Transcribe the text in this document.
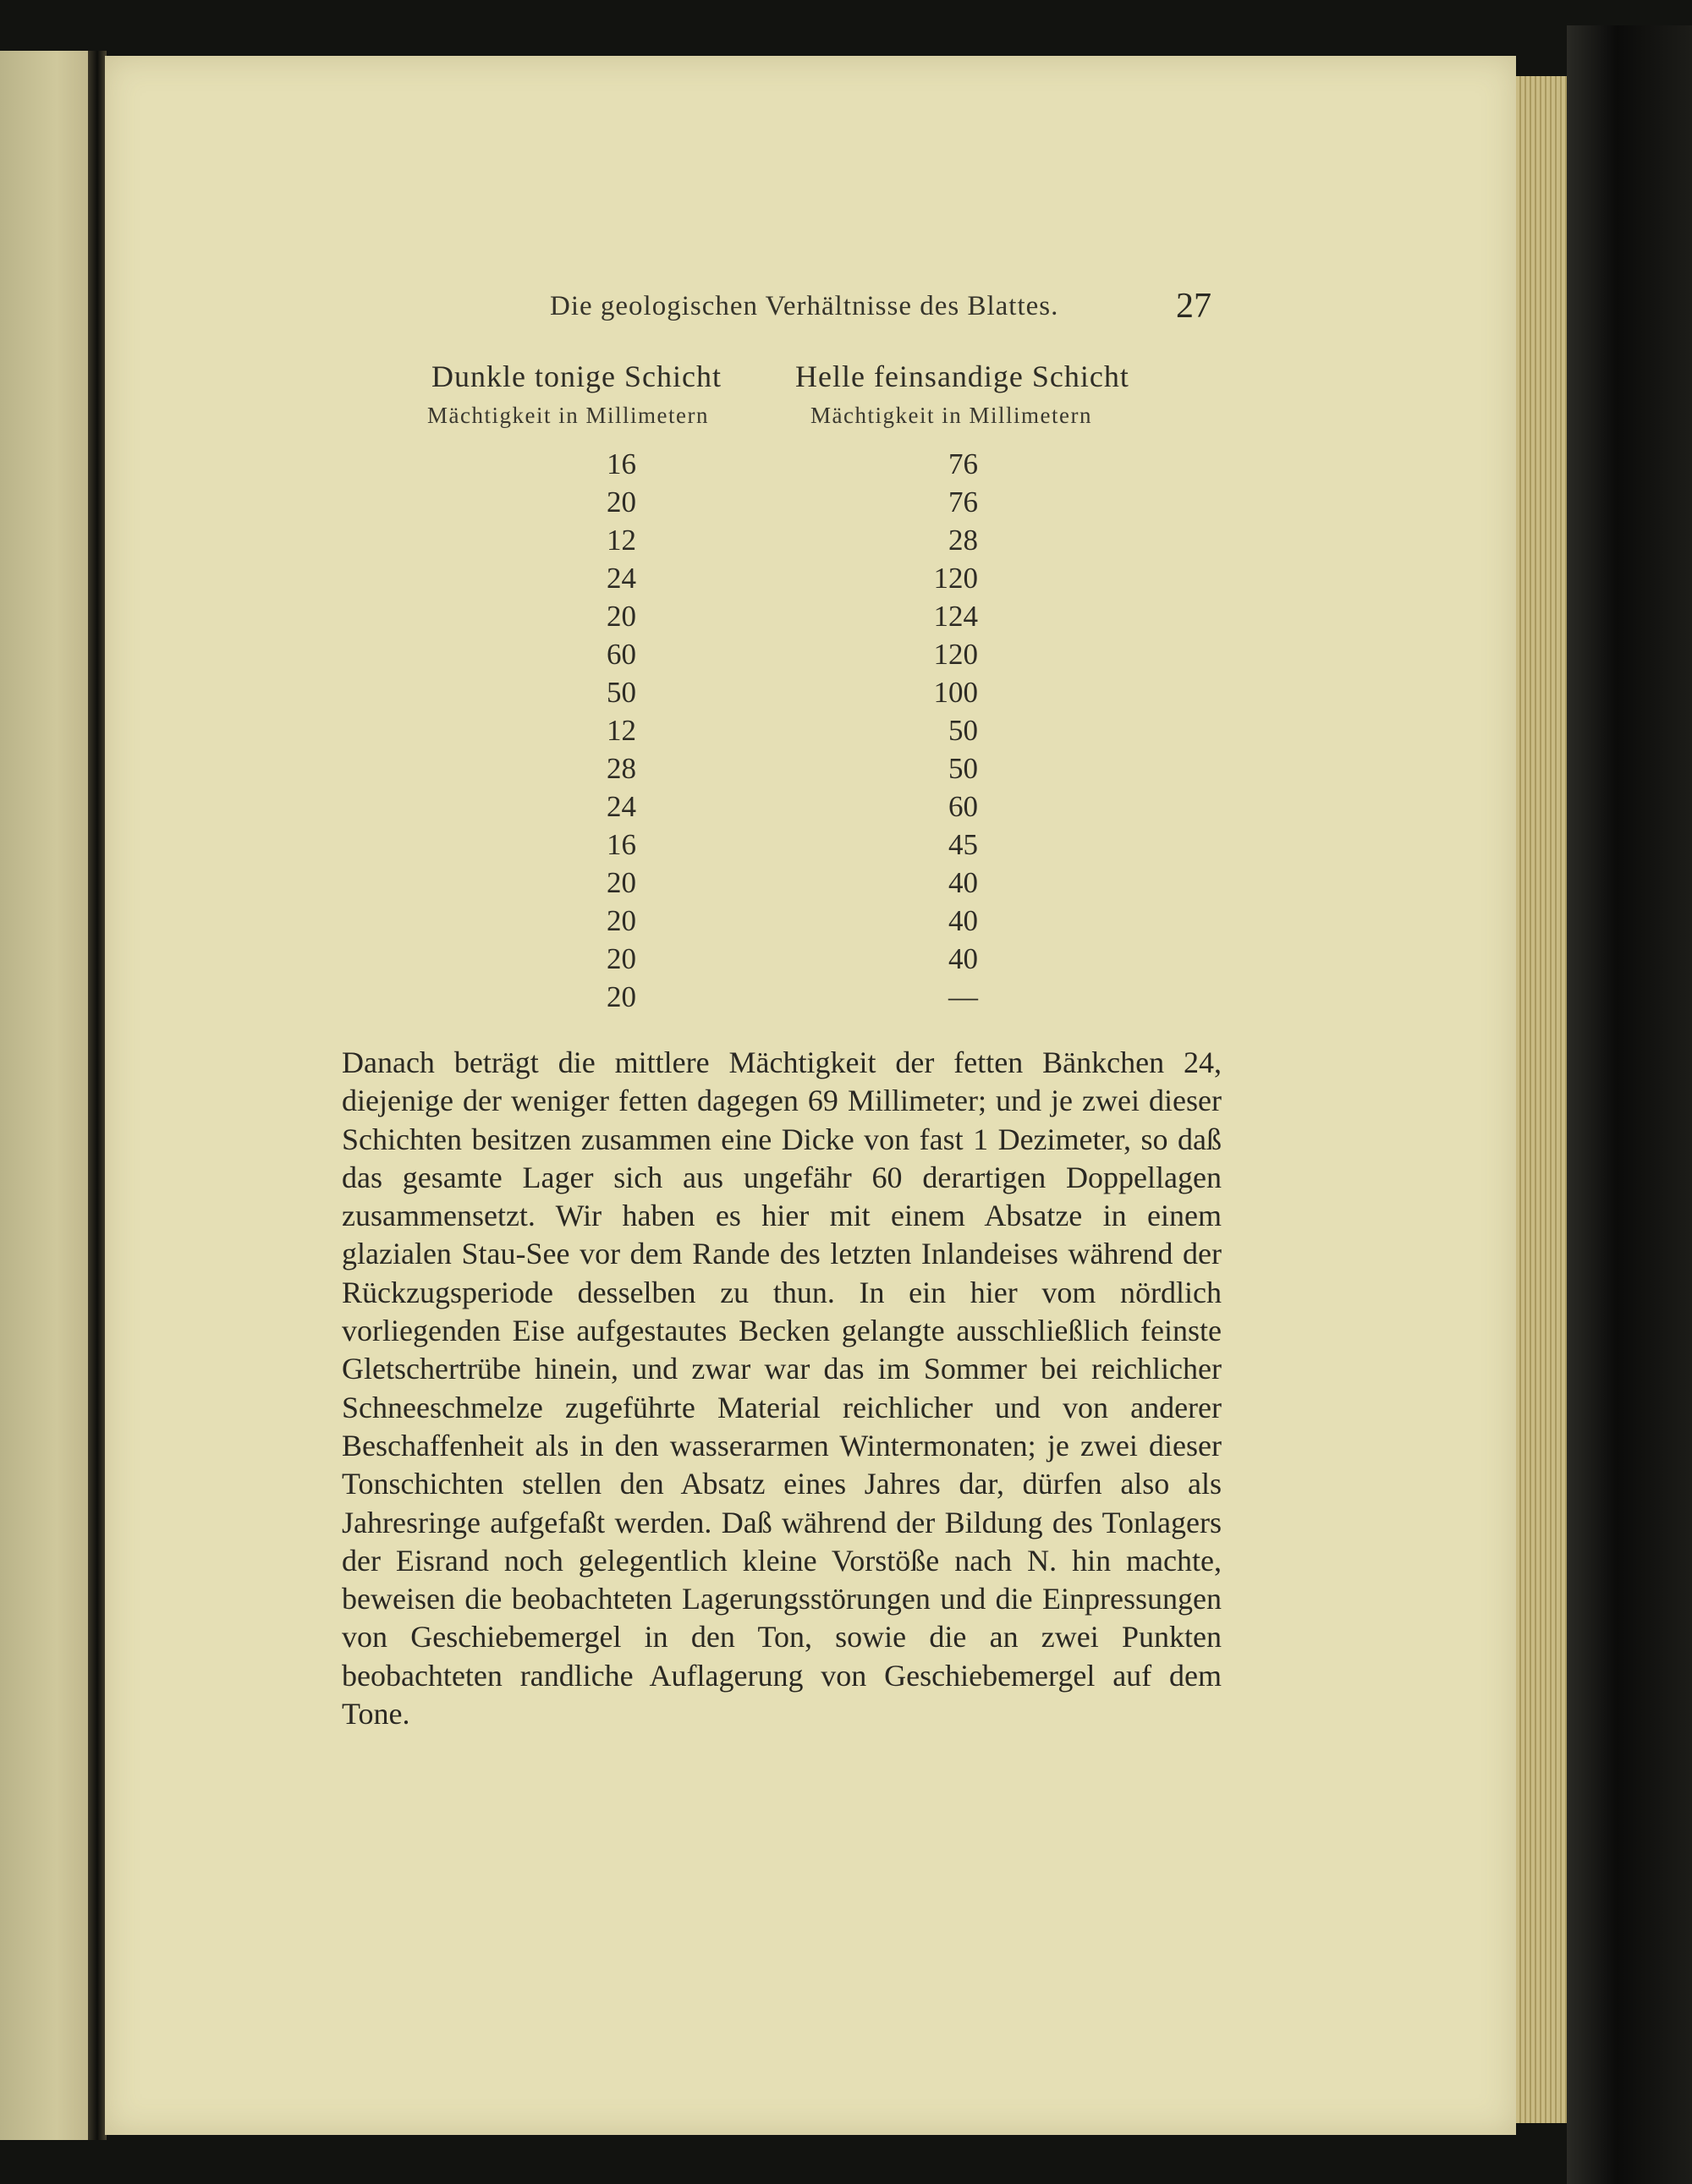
Die geologischen Verhältnisse des Blattes.	27
Dunkle tonige Schicht Helle feinsandige Schicht
Mächtigkeit in Millimetern	Mächtigkeit in Millimetern
16
20
12
24
20
60
50
12
28
24
16
20
20
20
20
76
76
28
120
124
120
100
50
50
60
45
40
40
40
—

Danach beträgt die mittlere Mächtigkeit der fetten Bänkchen 24, diejenige der weniger fetten dagegen 69 Millimeter; und je zwei dieser Schichten besitzen zusammen eine Dicke von fast 1 Dezimeter, so daß das gesamte Lager sich aus ungefähr 60 derartigen Doppellagen zusammensetzt. Wir haben es hier mit einem Absatze in einem glazialen Stau-See vor dem Rande des letzten Inlandeises während der Rückzugsperiode desselben zu thun. In ein hier vom nördlich vorliegenden Eise aufgestautes Becken gelangte ausschließlich feinste Gletschertrübe hinein, und zwar war das im Sommer bei reichlicher Schneeschmelze zugeführte Material reichlicher und von anderer Beschaffenheit als in den wasserarmen Wintermonaten; je zwei dieser Tonschichten stellen den Absatz eines Jahres dar, dürfen also als Jahresringe aufgefaßt werden. Daß während der Bildung des Tonlagers der Eisrand noch gelegentlich kleine Vorstöße nach N. hin machte, beweisen die beobachteten Lagerungsstörungen und die Einpressungen von Geschiebemergel in den Ton, sowie die an zwei Punkten beobachteten randliche Auflagerung von Geschiebemergel auf dem Tone.
